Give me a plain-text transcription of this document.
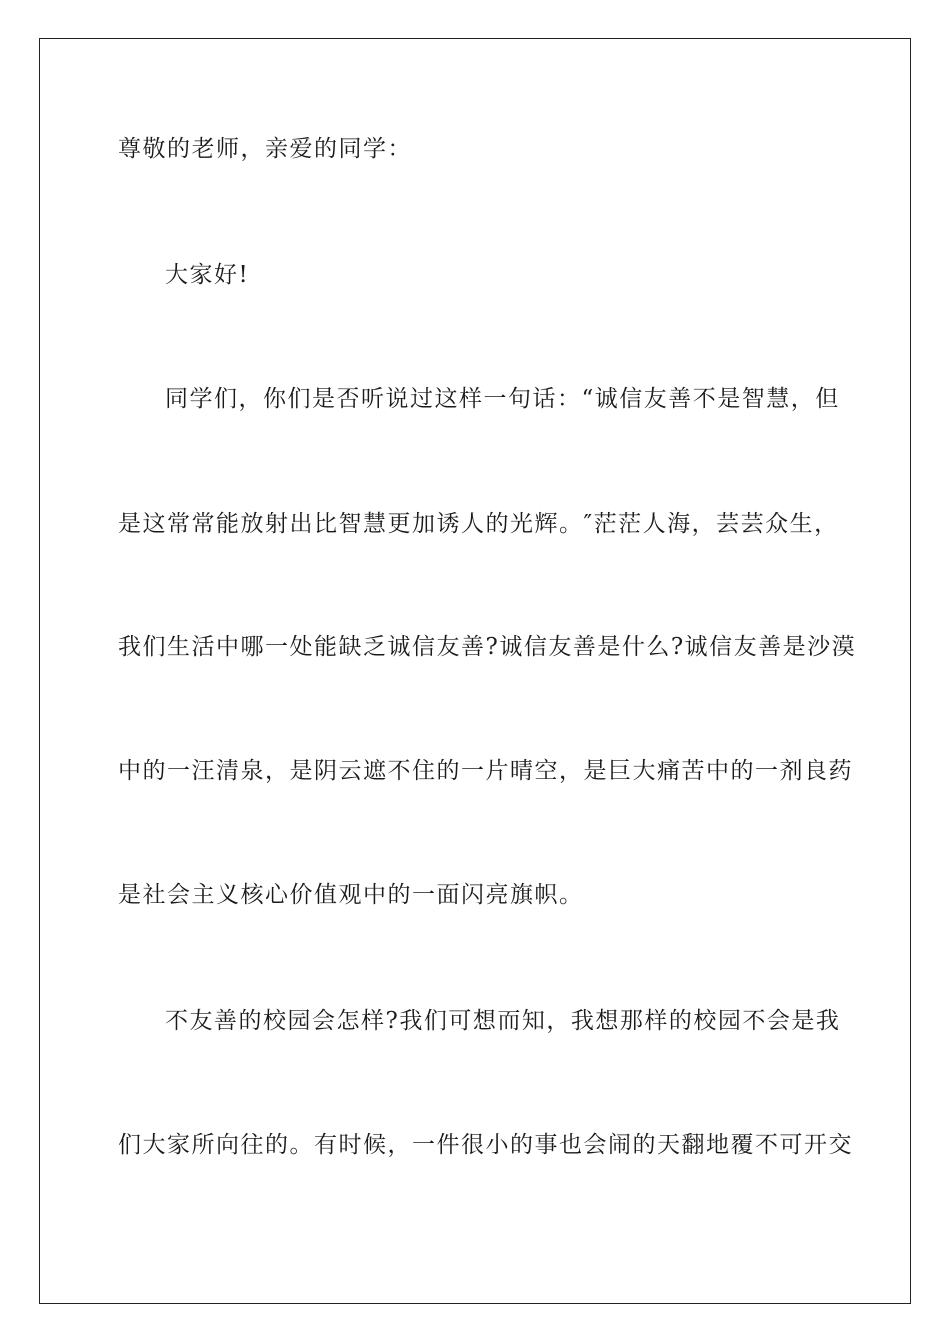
尊敬的老师，亲爱的同学：

大家好!

同学们，你们是否听说过这样一句话：“诚信友善不是智慧，但

是这常常能放射出比智慧更加诱人的光辉。″茫茫人海，芸芸众生，

我们生活中哪一处能缺乏诚信友善?诚信友善是什么?诚信友善是沙漠

中的一汪清泉，是阴云遮不住的一片晴空，是巨大痛苦中的一剂良药

是社会主义核心价值观中的一面闪亮旗帜。

不友善的校园会怎样?我们可想而知，我想那样的校园不会是我

们大家所向往的。有时候，一件很小的事也会闹的天翻地覆不可开交
